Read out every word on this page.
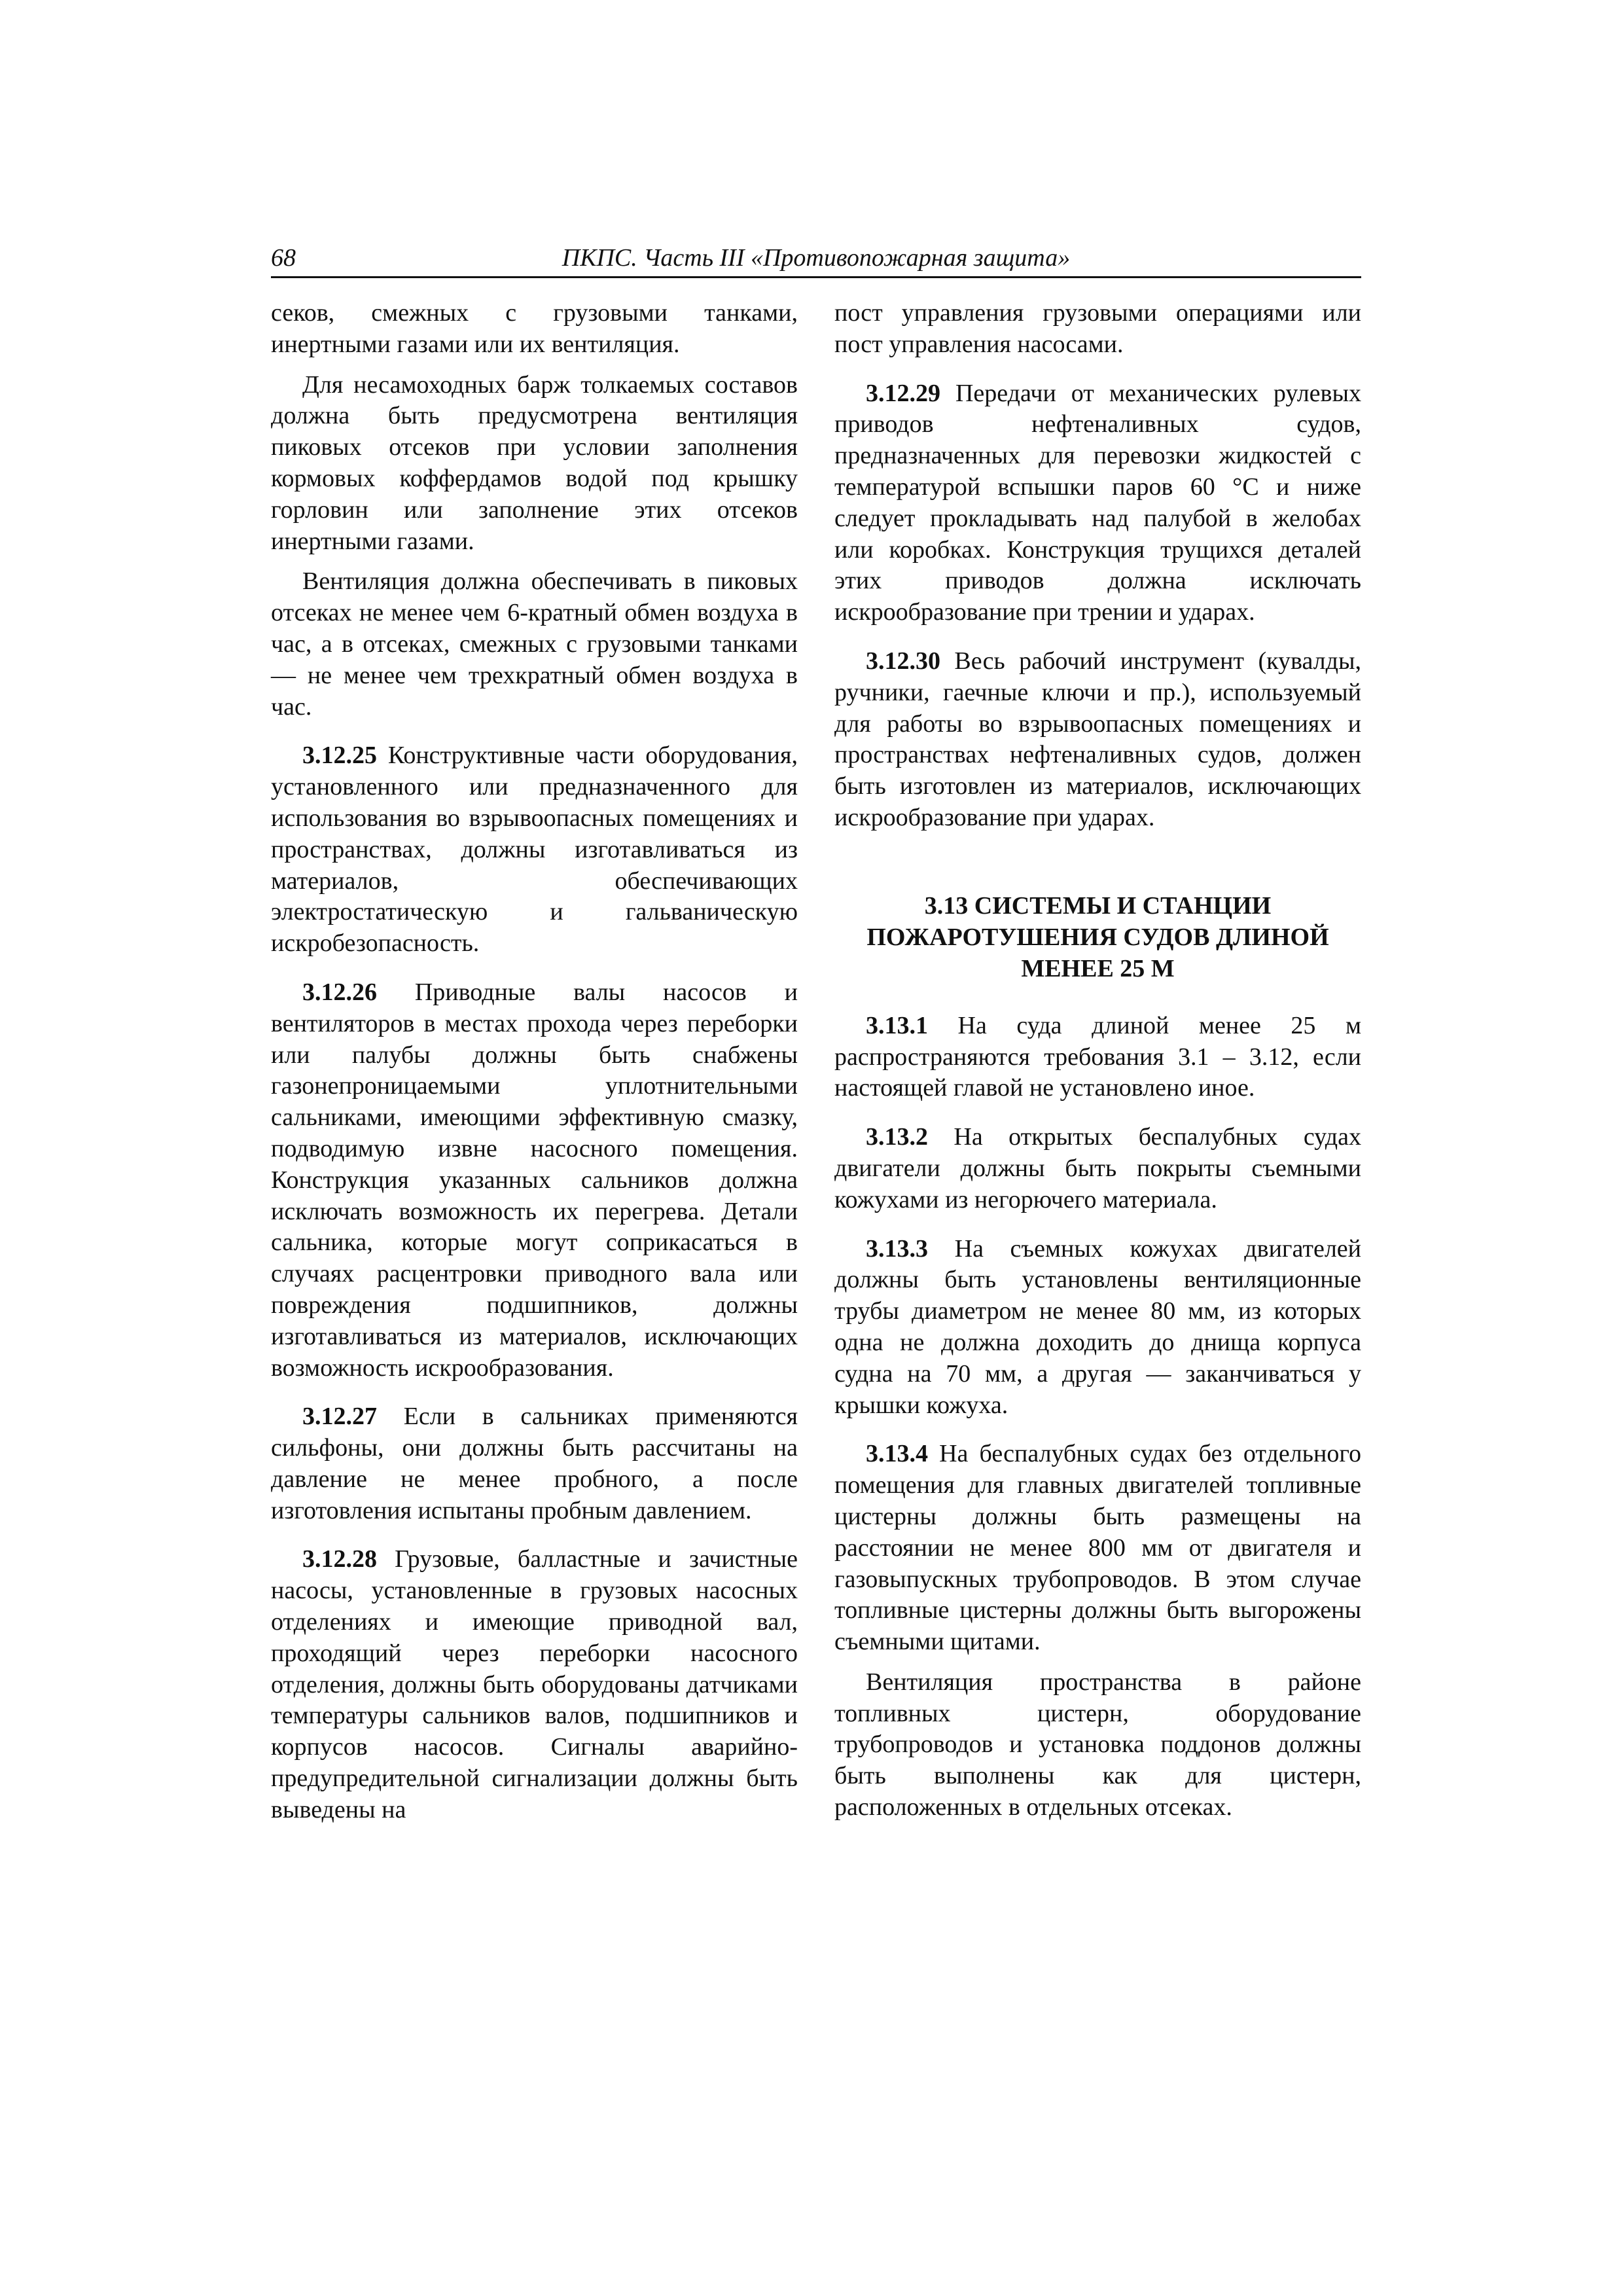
68	ПКПС. Часть III «Противопожарная защита»

секов, смежных с грузовыми танками, инертными газами или их вентиляция.

Для несамоходных барж толкаемых составов должна быть предусмотрена вентиляция пиковых отсеков при условии заполнения кормовых коффердамов водой под крышку горловин или заполнение этих отсеков инертными газами.

Вентиляция должна обеспечивать в пиковых отсеках не менее чем 6-кратный обмен воздуха в час, а в отсеках, смежных с грузовыми танками — не менее чем трехкратный обмен воздуха в час.

3.12.25 Конструктивные части оборудования, установленного или предназначенного для использования во взрывоопасных помещениях и пространствах, должны изготавливаться из материалов, обеспечивающих электростатическую и гальваническую искробезопасность.

3.12.26 Приводные валы насосов и вентиляторов в местах прохода через переборки или палубы должны быть снабжены газонепроницаемыми уплотнительными сальниками, имеющими эффективную смазку, подводимую извне насосного помещения. Конструкция указанных сальников должна исключать возможность их перегрева. Детали сальника, которые могут соприкасаться в случаях расцентровки приводного вала или повреждения подшипников, должны изготавливаться из материалов, исключающих возможность искрообразования.

3.12.27 Если в сальниках применяются сильфоны, они должны быть рассчитаны на давление не менее пробного, а после изготовления испытаны пробным давлением.

3.12.28 Грузовые, балластные и зачистные насосы, установленные в грузовых насосных отделениях и имеющие приводной вал, проходящий через переборки насосного отделения, должны быть оборудованы датчиками температуры сальников валов, подшипников и корпусов насосов. Сигналы аварийно-предупредительной сигнализации должны быть выведены на

пост управления грузовыми операциями или пост управления насосами.

3.12.29 Передачи от механических рулевых приводов нефтеналивных судов, предназначенных для перевозки жидкостей с температурой вспышки паров 60 °С и ниже следует прокладывать над палубой в желобах или коробках. Конструкция трущихся деталей этих приводов должна исключать искрообразование при трении и ударах.

3.12.30 Весь рабочий инструмент (кувалды, ручники, гаечные ключи и пр.), используемый для работы во взрывоопасных помещениях и пространствах нефтеналивных судов, должен быть изготовлен из материалов, исключающих искрообразование при ударах.

3.13 СИСТЕМЫ И СТАНЦИИ
ПОЖАРОТУШЕНИЯ СУДОВ ДЛИНОЙ
МЕНЕЕ 25 М

3.13.1 На суда длиной менее 25 м распространяются требования 3.1 – 3.12, если настоящей главой не установлено иное.

3.13.2 На открытых беспалубных судах двигатели должны быть покрыты съемными кожухами из негорючего материала.

3.13.3 На съемных кожухах двигателей должны быть установлены вентиляционные трубы диаметром не менее 80 мм, из которых одна не должна доходить до днища корпуса судна на 70 мм, а другая — заканчиваться у крышки кожуха.

3.13.4 На беспалубных судах без отдельного помещения для главных двигателей топливные цистерны должны быть размещены на расстоянии не менее 800 мм от двигателя и газовыпускных трубопроводов. В этом случае топливные цистерны должны быть выгорожены съемными щитами.

Вентиляция пространства в районе топливных цистерн, оборудование трубопроводов и установка поддонов должны быть выполнены как для цистерн, расположенных в отдельных отсеках.
